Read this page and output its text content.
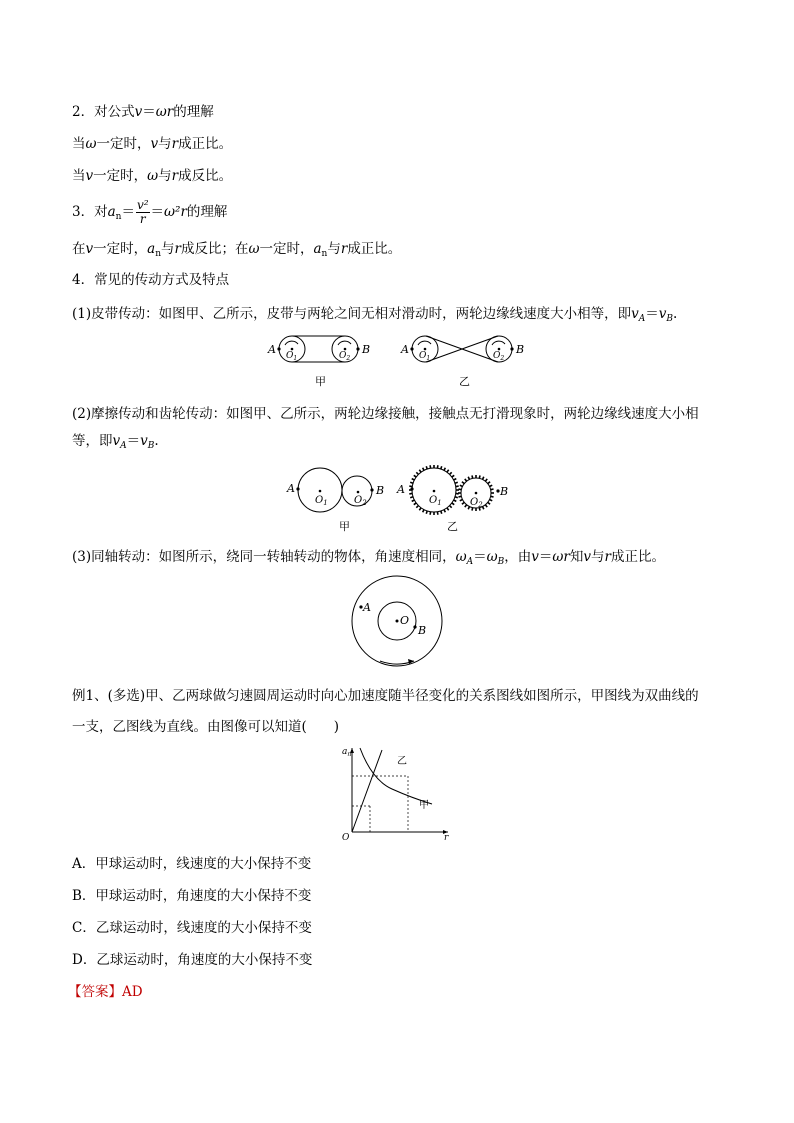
2．对公式v＝ωr的理解
当ω一定时，v与r成正比。
当v一定时，ω与r成反比。
3．对$a_n= \frac{\text{v²}}{r} =\omega^2r$的理解
在v一定时，$a_n$与r成反比；在ω一定时，$a_n$与r成正比。
4．常见的传动方式及特点
(1)皮带传动：如图甲、乙所示，皮带与两轮之间无相对滑动时，两轮边缘线速度大小相等，即$v_A=v_B$.
A	B
$O_1$	$O_2$
甲
A	B
$O_1$	$O_2$
乙
(2)摩擦传动和齿轮传动：如图甲、乙所示，两轮边缘接触，接触点无打滑现象时，两轮边缘线速度大小相
等，即$v_A=v_B$.
A	B
$O_1$	$O_2$
甲
A	B
$O_1$	$O_2$
乙
(3)同轴转动：如图所示，绕同一转轴转动的物体，角速度相同，$\omega_A=\omega_B$，由v＝ωr知v与r成正比。
A
B
O
例1、(多选)甲、乙两球做匀速圆周运动时向心加速度随半径变化的关系图线如图所示，甲图线为双曲线的
一支，乙图线为直线。由图像可以知道(　　)
$a_n$
r
O
乙
甲
A．甲球运动时，线速度的大小保持不变
B．甲球运动时，角速度的大小保持不变
C．乙球运动时，线速度的大小保持不变
D．乙球运动时，角速度的大小保持不变
【答案】AD
